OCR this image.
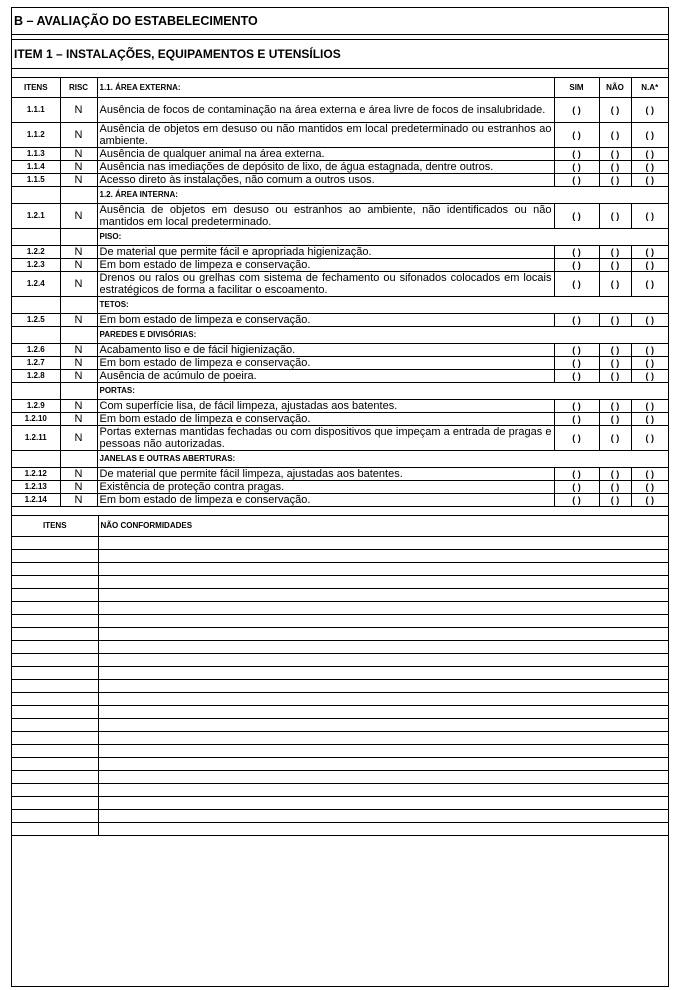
B – AVALIAÇÃO DO ESTABELECIMENTO
ITEM 1 – INSTALAÇÕES, EQUIPAMENTOS E UTENSÍLIOS
ITENS	RISC	1.1. ÁREA EXTERNA:	SIM	NÃO	N.A*
1.1.1	N	Ausência de focos de contaminação na área externa e área livre de focos de insalubridade.	( )	( )	( )
1.1.2	N	Ausência de objetos em desuso ou não mantidos em local predeterminado ou estranhos ao ambiente.	( )	( )	( )
1.1.3	N	Ausência de qualquer animal na área externa.	( )	( )	( )
1.1.4	N	Ausência nas imediações de depósito de lixo, de água estagnada, dentre outros.	( )	( )	( )
1.1.5	N	Acesso direto às instalações, não comum a outros usos.	( )	( )	( )
		1.2. ÁREA INTERNA:			
1.2.1	N	Ausência de objetos em desuso ou estranhos ao ambiente, não identificados ou não mantidos em local predeterminado.	( )	( )	( )
		PISO:			
1.2.2	N	De material que permite fácil e apropriada higienização.	( )	( )	( )
1.2.3	N	Em bom estado de limpeza e conservação.	( )	( )	( )
1.2.4	N	Drenos ou ralos ou grelhas com sistema de fechamento ou sifonados colocados em locais estratégicos de forma a facilitar o escoamento.	( )	( )	( )
		TETOS:			
1.2.5	N	Em bom estado de limpeza e conservação.	( )	( )	( )
		PAREDES E DIVISÓRIAS:			
1.2.6	N	Acabamento liso e de fácil higienização.	( )	( )	( )
1.2.7	N	Em bom estado de limpeza e conservação.	( )	( )	( )
1.2.8	N	Ausência de acúmulo de poeira.	( )	( )	( )
		PORTAS:			
1.2.9	N	Com superfície lisa, de fácil limpeza, ajustadas aos batentes.	( )	( )	( )
1.2.10	N	Em bom estado de limpeza e conservação.	( )	( )	( )
1.2.11	N	Portas externas mantidas fechadas ou com dispositivos que impeçam a entrada de pragas e pessoas não autorizadas.	( )	( )	( )
		JANELAS E OUTRAS ABERTURAS:			
1.2.12	N	De material que permite fácil limpeza, ajustadas aos batentes.	( )	( )	( )
1.2.13	N	Existência de proteção contra pragas.	( )	( )	( )
1.2.14	N	Em bom estado de limpeza e conservação.	( )	( )	( )
ITENS	NÃO CONFORMIDADES
